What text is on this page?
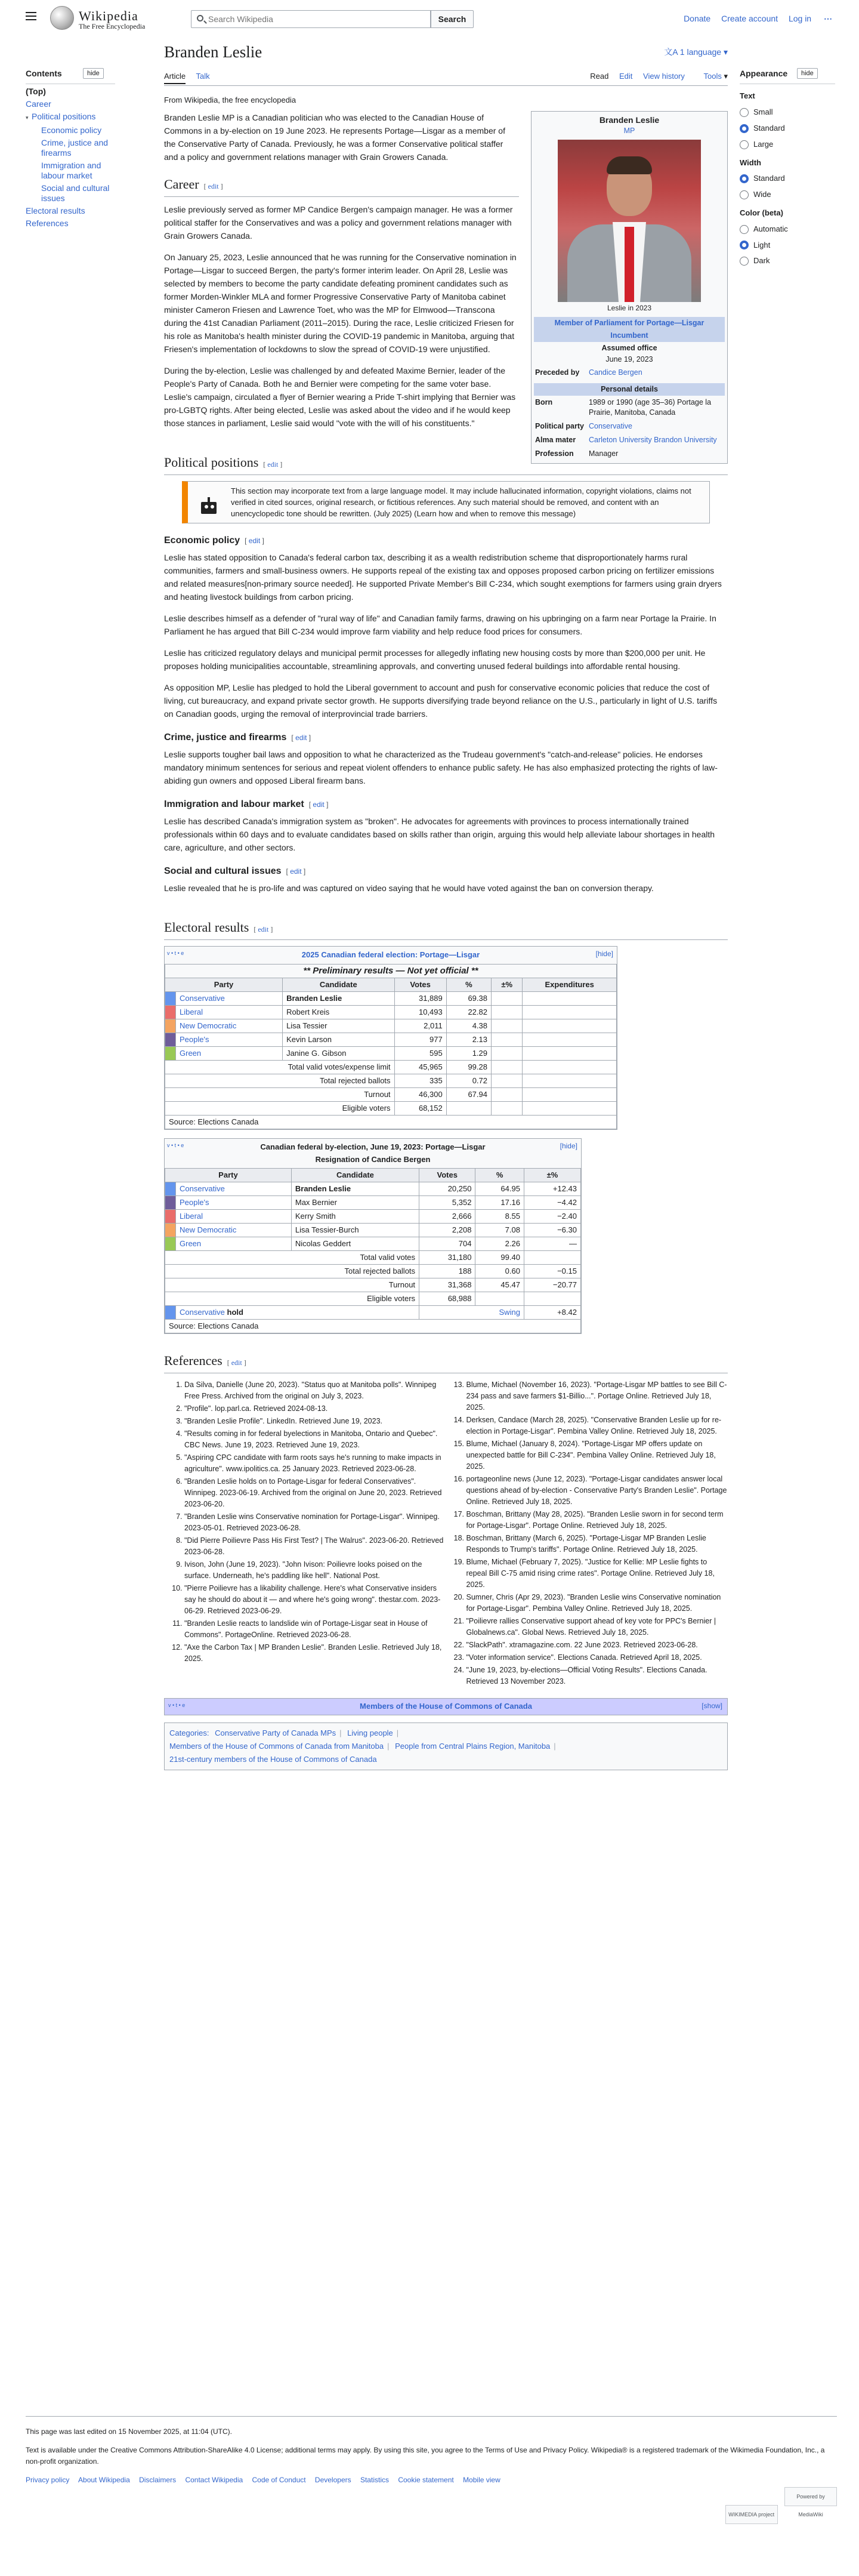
Wikipedia
The Free Encyclopedia
Search Wikipedia
Search	Donate Create account Log in ⋯
Contents	hide
(Top)
Career
▾ Political positions
Economic policy
Crime, justice and firearms
Immigration and labour market
Social and cultural issues
Electoral results
References
Appearance	hide
Text
Small
Standard
Large
Width
Standard
Wide
Color (beta)
Automatic
Light
Dark
Branden Leslie	文A 1 language ▾
Article Talk	Read Edit View history Tools ▾
From Wikipedia, the free encyclopedia
Branden Leslie
MP
Leslie in 2023
Member of Parliament for Portage—Lisgar
Incumbent
Assumed office
June 19, 2023
Preceded by	Candice Bergen
Personal details
Born	1989 or 1990 (age 35–36) Portage la Prairie, Manitoba, Canada
Political party Conservative
Alma mater	Carleton University Brandon University
Profession	Manager

Branden Leslie MP is a Canadian politician who was elected to the Canadian House of Commons in a by-election on 19 June 2023. He represents Portage—Lisgar as a member of the Conservative Party of Canada. Previously, he was a former Conservative political staffer and a policy and government relations manager with Grain Growers Canada.

Career [ edit ]

Leslie previously served as former MP Candice Bergen's campaign manager. He was a former political staffer for the Conservatives and was a policy and government relations manager with Grain Growers Canada.

On January 25, 2023, Leslie announced that he was running for the Conservative nomination in Portage—Lisgar to succeed Bergen, the party's former interim leader. On April 28, Leslie was selected by members to become the party candidate defeating prominent candidates such as former Morden-Winkler MLA and former Progressive Conservative Party of Manitoba cabinet minister Cameron Friesen and Lawrence Toet, who was the MP for Elmwood—Transcona during the 41st Canadian Parliament (2011–2015). During the race, Leslie criticized Friesen for his role as Manitoba's health minister during the COVID-19 pandemic in Manitoba, arguing that Friesen's implementation of lockdowns to slow the spread of COVID-19 were unjustified.

During the by-election, Leslie was challenged by and defeated Maxime Bernier, leader of the People's Party of Canada. Both he and Bernier were competing for the same voter base. Leslie's campaign, circulated a flyer of Bernier wearing a Pride T-shirt implying that Bernier was pro-LGBTQ rights. After being elected, Leslie was asked about the video and if he would keep those stances in parliament, Leslie said would "vote with the will of his constituents."

Political positions [ edit ]
This section may incorporate text from a large language model. It may include hallucinated information, copyright violations, claims not verified in cited sources, original research, or fictitious references. Any such material should be removed, and content with an unencyclopedic tone should be rewritten. (July 2025) (Learn how and when to remove this message)
Economic policy [ edit ]

Leslie has stated opposition to Canada's federal carbon tax, describing it as a wealth redistribution scheme that disproportionately harms rural communities, farmers and small-business owners. He supports repeal of the existing tax and opposes proposed carbon pricing on fertilizer emissions and related measures[non-primary source needed]. He supported Private Member's Bill C-234, which sought exemptions for farmers using grain dryers and heating livestock buildings from carbon pricing.

Leslie describes himself as a defender of "rural way of life" and Canadian family farms, drawing on his upbringing on a farm near Portage la Prairie. In Parliament he has argued that Bill C-234 would improve farm viability and help reduce food prices for consumers.

Leslie has criticized regulatory delays and municipal permit processes for allegedly inflating new housing costs by more than $200,000 per unit. He proposes holding municipalities accountable, streamlining approvals, and converting unused federal buildings into affordable rental housing.

As opposition MP, Leslie has pledged to hold the Liberal government to account and push for conservative economic policies that reduce the cost of living, cut bureaucracy, and expand private sector growth. He supports diversifying trade beyond reliance on the U.S., particularly in light of U.S. tariffs on Canadian goods, urging the removal of interprovincial trade barriers.

Crime, justice and firearms [ edit ]

Leslie supports tougher bail laws and opposition to what he characterized as the Trudeau government's "catch-and-release" policies. He endorses mandatory minimum sentences for serious and repeat violent offenders to enhance public safety. He has also emphasized protecting the rights of law-abiding gun owners and opposed Liberal firearm bans.

Immigration and labour market [ edit ]

Leslie has described Canada's immigration system as "broken". He advocates for agreements with provinces to process internationally trained professionals within 60 days and to evaluate candidates based on skills rather than origin, arguing this would help alleviate labour shortages in health care, agriculture, and other sectors.

Social and cultural issues [ edit ]

Leslie revealed that he is pro-life and was captured on video saying that he would have voted against the ban on conversion therapy.

Electoral results [ edit ]
v • t • e	2025 Canadian federal election: Portage—Lisgar	[hide]
** Preliminary results — Not yet official **						
Party		Candidate	Votes	%	±%	Expenditures
	Conservative	Branden Leslie	31,889	69.38		
	Liberal	Robert Kreis	10,493	22.82		
	New Democratic	Lisa Tessier	2,011	4.38		
	People's	Kevin Larson	977	2.13		
	Green	Janine G. Gibson	595	1.29		
Total valid votes/expense limit			45,965	99.28		
Total rejected ballots			335	0.72		
Turnout			46,300	67.94		
Eligible voters			68,152			
Source: Elections Canada						
v • t • e	Canadian federal by-election, June 19, 2023: Portage—Lisgar	[hide]
Resignation of Candice Bergen
Party		Candidate	Votes	%	±%
	Conservative	Branden Leslie	20,250	64.95	+12.43
	People's	Max Bernier	5,352	17.16	−4.42
	Liberal	Kerry Smith	2,666	8.55	−2.40
	New Democratic	Lisa Tessier-Burch	2,208	7.08	−6.30
	Green	Nicolas Geddert	704	2.26	—
Total valid votes			31,180	99.40	
Total rejected ballots			188	0.60	−0.15
Turnout			31,368	45.47	−20.77
Eligible voters			68,988		
	Conservative hold		Swing		+8.42
Source: Elections Canada					
References [ edit ]
1. Da Silva, Danielle (June 20, 2023). "Status quo at Manitoba polls". Winnipeg Free Press. Archived from the original on July 3, 2023.
2. "Profile". lop.parl.ca. Retrieved 2024-08-13.
3. "Branden Leslie Profile". LinkedIn. Retrieved June 19, 2023.
4. "Results coming in for federal byelections in Manitoba, Ontario and Quebec". CBC News. June 19, 2023. Retrieved June 19, 2023.
5. "Aspiring CPC candidate with farm roots says he's running to make impacts in agriculture". www.ipolitics.ca. 25 January 2023. Retrieved 2023-06-28.
6. "Branden Leslie holds on to Portage-Lisgar for federal Conservatives". Winnipeg. 2023-06-19. Archived from the original on June 20, 2023. Retrieved 2023-06-20.
7. "Branden Leslie wins Conservative nomination for Portage-Lisgar". Winnipeg. 2023-05-01. Retrieved 2023-06-28.
8. "Did Pierre Poilievre Pass His First Test? | The Walrus". 2023-06-20. Retrieved 2023-06-28.
9. Ivison, John (June 19, 2023). "John Ivison: Poilievre looks poised on the surface. Underneath, he's paddling like hell". National Post.
10. "Pierre Poilievre has a likability challenge. Here's what Conservative insiders say he should do about it — and where he's going wrong". thestar.com. 2023-06-29. Retrieved 2023-06-29.
11. "Branden Leslie reacts to landslide win of Portage-Lisgar seat in House of Commons". PortageOnline. Retrieved 2023-06-28.
12. "Axe the Carbon Tax | MP Branden Leslie". Branden Leslie. Retrieved July 18, 2025.
13. Blume, Michael (November 16, 2023). "Portage-Lisgar MP battles to see Bill C-234 pass and save farmers $1-Billio...". Portage Online. Retrieved July 18, 2025.
14. Derksen, Candace (March 28, 2025). "Conservative Branden Leslie up for re-election in Portage-Lisgar". Pembina Valley Online. Retrieved July 18, 2025.
15. Blume, Michael (January 8, 2024). "Portage-Lisgar MP offers update on unexpected battle for Bill C-234". Pembina Valley Online. Retrieved July 18, 2025.
16. portageonline news (June 12, 2023). "Portage-Lisgar candidates answer local questions ahead of by-election - Conservative Party's Branden Leslie". Portage Online. Retrieved July 18, 2025.
17. Boschman, Brittany (May 28, 2025). "Branden Leslie sworn in for second term for Portage-Lisgar". Portage Online. Retrieved July 18, 2025.
18. Boschman, Brittany (March 6, 2025). "Portage-Lisgar MP Branden Leslie Responds to Trump's tariffs". Portage Online. Retrieved July 18, 2025.
19. Blume, Michael (February 7, 2025). "Justice for Kellie: MP Leslie fights to repeal Bill C-75 amid rising crime rates". Portage Online. Retrieved July 18, 2025.
20. Sumner, Chris (Apr 29, 2023). "Branden Leslie wins Conservative nomination for Portage-Lisgar". Pembina Valley Online. Retrieved July 18, 2025.
21. "Poilievre rallies Conservative support ahead of key vote for PPC's Bernier | Globalnews.ca". Global News. Retrieved July 18, 2025.
22. "SlackPath". xtramagazine.com. 22 June 2023. Retrieved 2023-06-28.
23. "Voter information service". Elections Canada. Retrieved April 18, 2025.
24. "June 19, 2023, by-elections—Official Voting Results". Elections Canada. Retrieved 13 November 2023.
v • t • e	Members of the House of Commons of Canada	[show]
Categories: Conservative Party of Canada MPs | Living people |
Members of the House of Commons of Canada from Manitoba | People from Central Plains Region, Manitoba |
21st-century members of the House of Commons of Canada
This page was last edited on 15 November 2025, at 11:04 (UTC).
Text is available under the Creative Commons Attribution-ShareAlike 4.0 License; additional terms may apply. By using this site, you agree to the Terms of Use and Privacy Policy. Wikipedia® is a registered trademark of the Wikimedia Foundation, Inc., a non-profit organization.
Privacy policy About Wikipedia Disclaimers Contact Wikipedia Code of Conduct Developers Statistics Cookie statement Mobile view
WIKIMEDIA project Powered by MediaWiki
